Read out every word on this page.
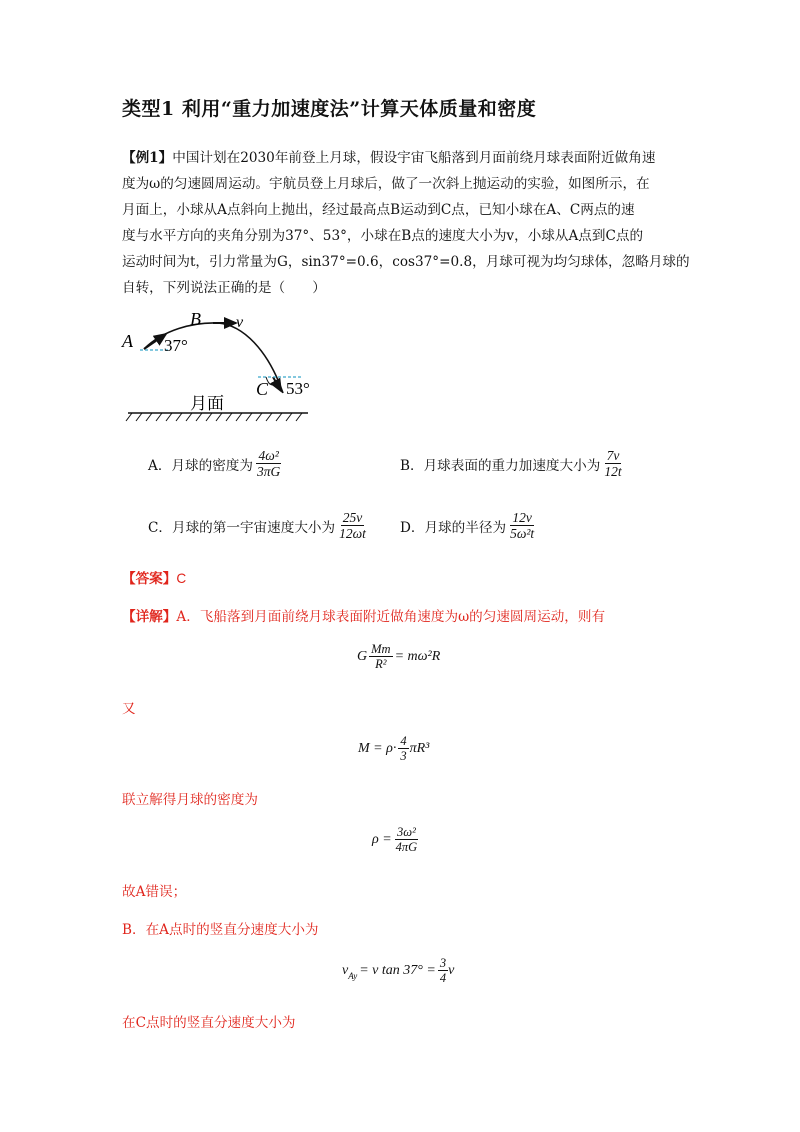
类型1 利用“重力加速度法”计算天体质量和密度
【例1】中国计划在2030年前登上月球，假设宇宙飞船落到月面前绕月球表面附近做角速
度为ω的匀速圆周运动。宇航员登上月球后，做了一次斜上抛运动的实验，如图所示，在
月面上，小球从A点斜向上抛出，经过最高点B运动到C点，已知小球在A、C两点的速
度与水平方向的夹角分别为37°、53°，小球在B点的速度大小为v，小球从A点到C点的
运动时间为t，引力常量为G，sin37°=0.6，cos37°=0.8，月球可视为均匀球体，忽略月球的
自转，下列说法正确的是（　　）
A
B
C
v
37°
53°
月面
A．月球的密度为 $\frac{\text{4ω²}}{3\pi G}$	B．月球表面的重力加速度大小为 $\frac{7v}{12t}$
C．月球的第一宇宙速度大小为 $\frac{25v}{12\omega t}$ D．月球的半径为 $\frac{12v}{\text{5ω²t}}$
【答案】C
【详解】A．飞船落到月面前绕月球表面附近做角速度为ω的匀速圆周运动，则有
G $\frac{Mm}{\text{R²}} = m\omega^2R$
又
$M = \rho\cdot \frac{4}{3} \pi R^3$
联立解得月球的密度为
$\rho = \frac{\text{3ω²}}{4\pi G}$
故A错误；
B．在A点时的竖直分速度大小为
v Ay = v $\tan 37^\circ = \frac{3}{4}$ v
在C点时的竖直分速度大小为
